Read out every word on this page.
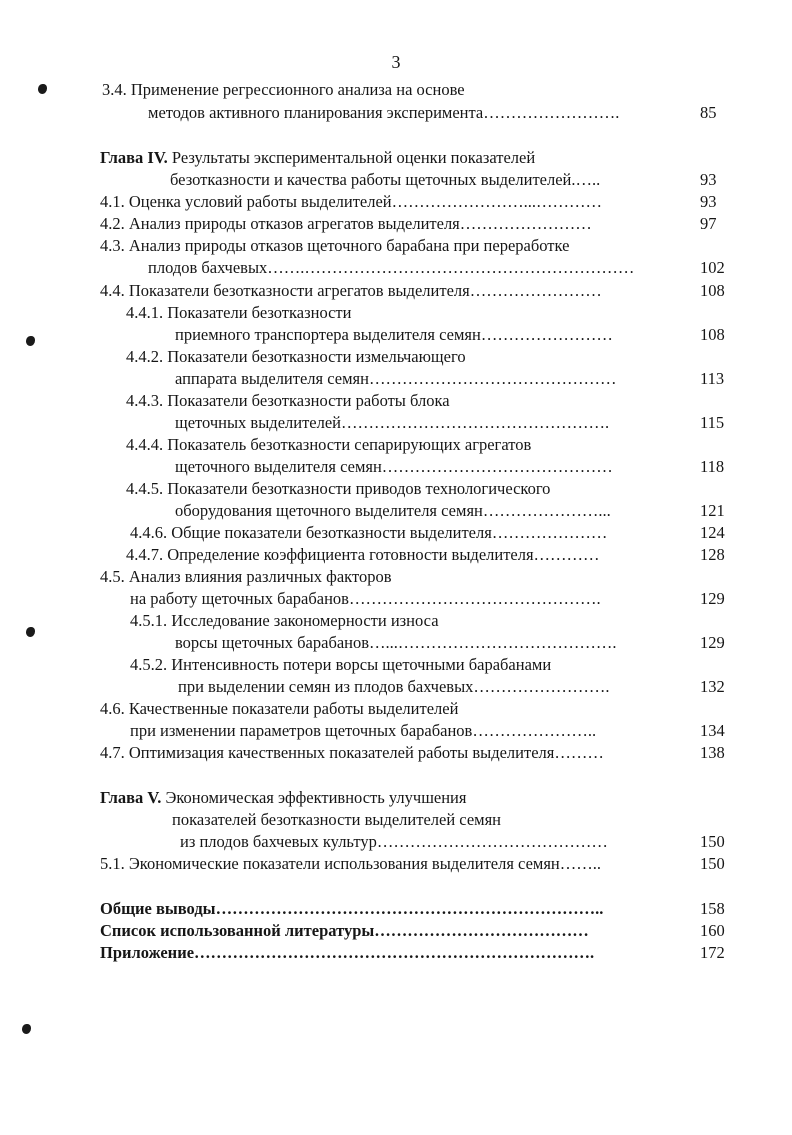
3
3.4. Применение регрессионного анализа на основе
методов активного планирования эксперимента…………………….	85
Глава IV. Результаты экспериментальной оценки показателей
безотказности и качества работы щеточных выделителей.…..	93
4.1. Оценка условий работы выделителей……………………...…………	93
4.2. Анализ природы отказов агрегатов выделителя……………………	97
4.3. Анализ природы отказов щеточного барабана при переработке
плодов бахчевых…….……………………………………………………	102
4.4. Показатели безотказности агрегатов выделителя……………………	108
4.4.1. Показатели безотказности
приемного транспортера выделителя семян……………………	108
4.4.2. Показатели безотказности измельчающего
аппарата выделителя семян………………………………………	113
4.4.3. Показатели безотказности работы блока
щеточных выделителей………………………………………….	115
4.4.4. Показатель безотказности сепарирующих агрегатов
щеточного выделителя семян……………………………………	118
4.4.5. Показатели безотказности приводов технологического
оборудования щеточного выделителя семян…………………...	121
4.4.6. Общие показатели безотказности выделителя…………………	124
4.4.7. Определение коэффициента готовности выделителя…………	128
4.5. Анализ влияния различных факторов
на работу щеточных барабанов……………………………………….	129
4.5.1. Исследование закономерности износа
ворсы щеточных барабанов…...………………………………….	129
4.5.2. Интенсивность потери ворсы щеточными барабанами
при выделении семян из плодов бахчевых…………………….	132
4.6. Качественные показатели работы выделителей
при изменении параметров щеточных барабанов…………………..	134
4.7. Оптимизация качественных показателей работы выделителя………	138
Глава V. Экономическая эффективность улучшения
показателей безотказности выделителей семян
из плодов бахчевых культур……………………………………	150
5.1. Экономические показатели использования выделителя семян……..	150
Общие выводы……………………………………………………………..	158
Список использованной литературы…………………………………	160
Приложение……………………………………………………………….	172
